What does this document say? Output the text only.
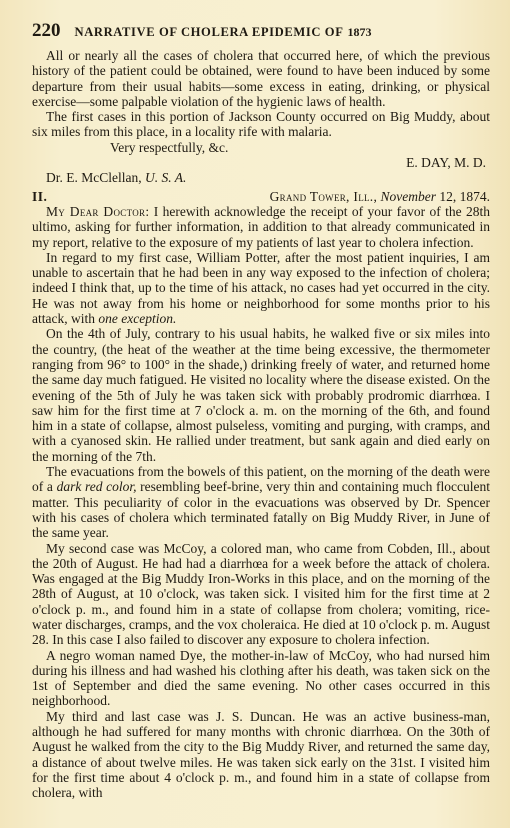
220 NARRATIVE OF CHOLERA EPIDEMIC OF 1873

All or nearly all the cases of cholera that occurred here, of which the previous history of the patient could be obtained, were found to have been induced by some departure from their usual habits—some excess in eating, drinking, or physical exercise—some palpable violation of the hygienic laws of health.

The first cases in this portion of Jackson County occurred on Big Muddy, about six miles from this place, in a locality rife with malaria.

Very respectfully, &c.

E. DAY, M. D.

Dr. E. McClellan, U. S. A.

II.	Grand Tower, Ill., November 12, 1874.

My Dear Doctor: I herewith acknowledge the receipt of your favor of the 28th ultimo, asking for further information, in addition to that already communicated in my report, relative to the exposure of my patients of last year to cholera infection.

In regard to my first case, William Potter, after the most patient inquiries, I am unable to ascertain that he had been in any way exposed to the infection of cholera; indeed I think that, up to the time of his attack, no cases had yet occurred in the city. He was not away from his home or neighborhood for some months prior to his attack, with one exception.

On the 4th of July, contrary to his usual habits, he walked five or six miles into the country, (the heat of the weather at the time being excessive, the thermometer ranging from 96° to 100° in the shade,) drinking freely of water, and returned home the same day much fatigued. He visited no locality where the disease existed. On the evening of the 5th of July he was taken sick with probably prodromic diarrhœa. I saw him for the first time at 7 o'clock a. m. on the morning of the 6th, and found him in a state of collapse, almost pulseless, vomiting and purging, with cramps, and with a cyanosed skin. He rallied under treatment, but sank again and died early on the morning of the 7th.

The evacuations from the bowels of this patient, on the morning of the death were of a dark red color, resembling beef-brine, very thin and containing much flocculent matter. This peculiarity of color in the evacuations was observed by Dr. Spencer with his cases of cholera which terminated fatally on Big Muddy River, in June of the same year.

My second case was McCoy, a colored man, who came from Cobden, Ill., about the 20th of August. He had had a diarrhœa for a week before the attack of cholera. Was engaged at the Big Muddy Iron-Works in this place, and on the morning of the 28th of August, at 10 o'clock, was taken sick. I visited him for the first time at 2 o'clock p. m., and found him in a state of collapse from cholera; vomiting, rice-water discharges, cramps, and the vox choleraica. He died at 10 o'clock p. m. August 28. In this case I also failed to discover any exposure to cholera infection.

A negro woman named Dye, the mother-in-law of McCoy, who had nursed him during his illness and had washed his clothing after his death, was taken sick on the 1st of September and died the same evening. No other cases occurred in this neighborhood.

My third and last case was J. S. Duncan. He was an active business-man, although he had suffered for many months with chronic diarrhœa. On the 30th of August he walked from the city to the Big Muddy River, and returned the same day, a distance of about twelve miles. He was taken sick early on the 31st. I visited him for the first time about 4 o'clock p. m., and found him in a state of collapse from cholera, with
